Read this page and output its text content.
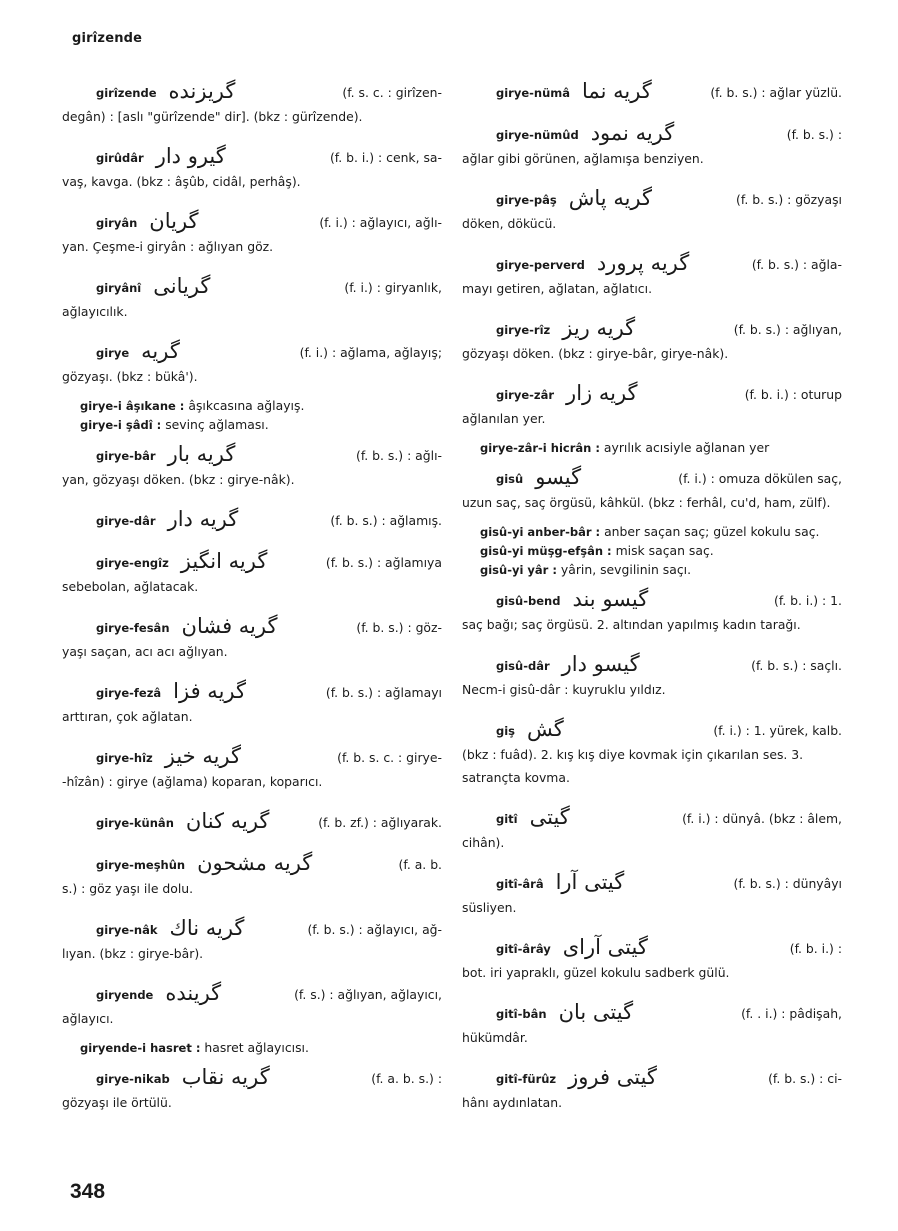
girîzende
girîzende گریزنده	(f. s. c. : girîzen-
degân) : [aslı "gürîzende" dir]. (bkz : gürîzende).
girûdâr گیرو دار	(f. b. i.) : cenk, sa-
vaş, kavga. (bkz : âşûb, cidâl, perhâş).
giryân گریان	(f. i.) : ağlayıcı, ağlı-
yan. Çeşme-i giryân : ağlıyan göz.
giryânî گریانی	(f. i.) : giryanlık,
ağlayıcılık.
girye گریه	(f. i.) : ağlama, ağlayış;
gözyaşı. (bkz : bükâ').
girye-i âşıkane : âşıkcasına ağlayış.
girye-i şâdî : sevinç ağlaması.
girye-bâr گریه بار	(f. b. s.) : ağlı-
yan, gözyaşı döken. (bkz : girye-nâk).
girye-dâr گریه دار	(f. b. s.) : ağlamış.
girye-engîz گریه انگیز	(f. b. s.) : ağlamıya
sebebolan, ağlatacak.
girye-fesân گریه فشان	(f. b. s.) : göz-
yaşı saçan, acı acı ağlıyan.
girye-fezâ گریه فزا	(f. b. s.) : ağlamayı
arttıran, çok ağlatan.
girye-hîz گریه خیز	(f. b. s. c. : girye-
-hîzân) : girye (ağlama) koparan, koparıcı.
girye-künân گریه کنان	(f. b. zf.) : ağlıyarak.
girye-meşhûn گریه مشحون	(f. a. b.
s.) : göz yaşı ile dolu.
girye-nâk گریه ناك	(f. b. s.) : ağlayıcı, ağ-
lıyan. (bkz : girye-bâr).
giryende گرینده	(f. s.) : ağlıyan, ağlayıcı,
ağlayıcı.
giryende-i hasret : hasret ağlayıcısı.
girye-nikab گریه نقاب	(f. a. b. s.) :
gözyaşı ile örtülü.
girye-nümâ گریه نما	(f. b. s.) : ağlar yüzlü.
girye-nümûd گریه نمود	(f. b. s.) :
ağlar gibi görünen, ağlamışa benziyen.
girye-pâş گریه پاش	(f. b. s.) : gözyaşı
döken, dökücü.
girye-perverd گریه پرورد	(f. b. s.) : ağla-
mayı getiren, ağlatan, ağlatıcı.
girye-rîz گریه ریز	(f. b. s.) : ağlıyan,
gözyaşı döken. (bkz : girye-bâr, girye-nâk).
girye-zâr گریه زار	(f. b. i.) : oturup
ağlanılan yer.
girye-zâr-i hicrân : ayrılık acısiyle ağlanan yer
gisû گیسو	(f. i.) : omuza dökülen saç,
uzun saç, saç örgüsü, kâhkül. (bkz : ferhâl, cu'd, ham, zülf).
gisû-yi anber-bâr : anber saçan saç; güzel kokulu saç.
gisû-yi müşg-efşân : misk saçan saç.
gisû-yi yâr : yârin, sevgilinin saçı.
gisû-bend گیسو بند	(f. b. i.) : 1.
saç bağı; saç örgüsü. 2. altından yapılmış kadın tarağı.
gisû-dâr گیسو دار	(f. b. s.) : saçlı.
Necm-i gisû-dâr : kuyruklu yıldız.
giş گش	(f. i.) : 1. yürek, kalb.
(bkz : fuâd). 2. kış kış diye kovmak için çıkarılan ses. 3. satrançta kovma.
gitî گیتی	(f. i.) : dünyâ. (bkz : âlem,
cihân).
gitî-ârâ گیتی آرا	(f. b. s.) : dünyâyı
süsliyen.
gitî-ârây گیتی آرای	(f. b. i.) :
bot. iri yapraklı, güzel kokulu sadberk gülü.
gitî-bân گیتی بان	(f. . i.) : pâdişah,
hükümdâr.
gitî-fürûz گیتی فروز	(f. b. s.) : ci-
hânı aydınlatan.
348
